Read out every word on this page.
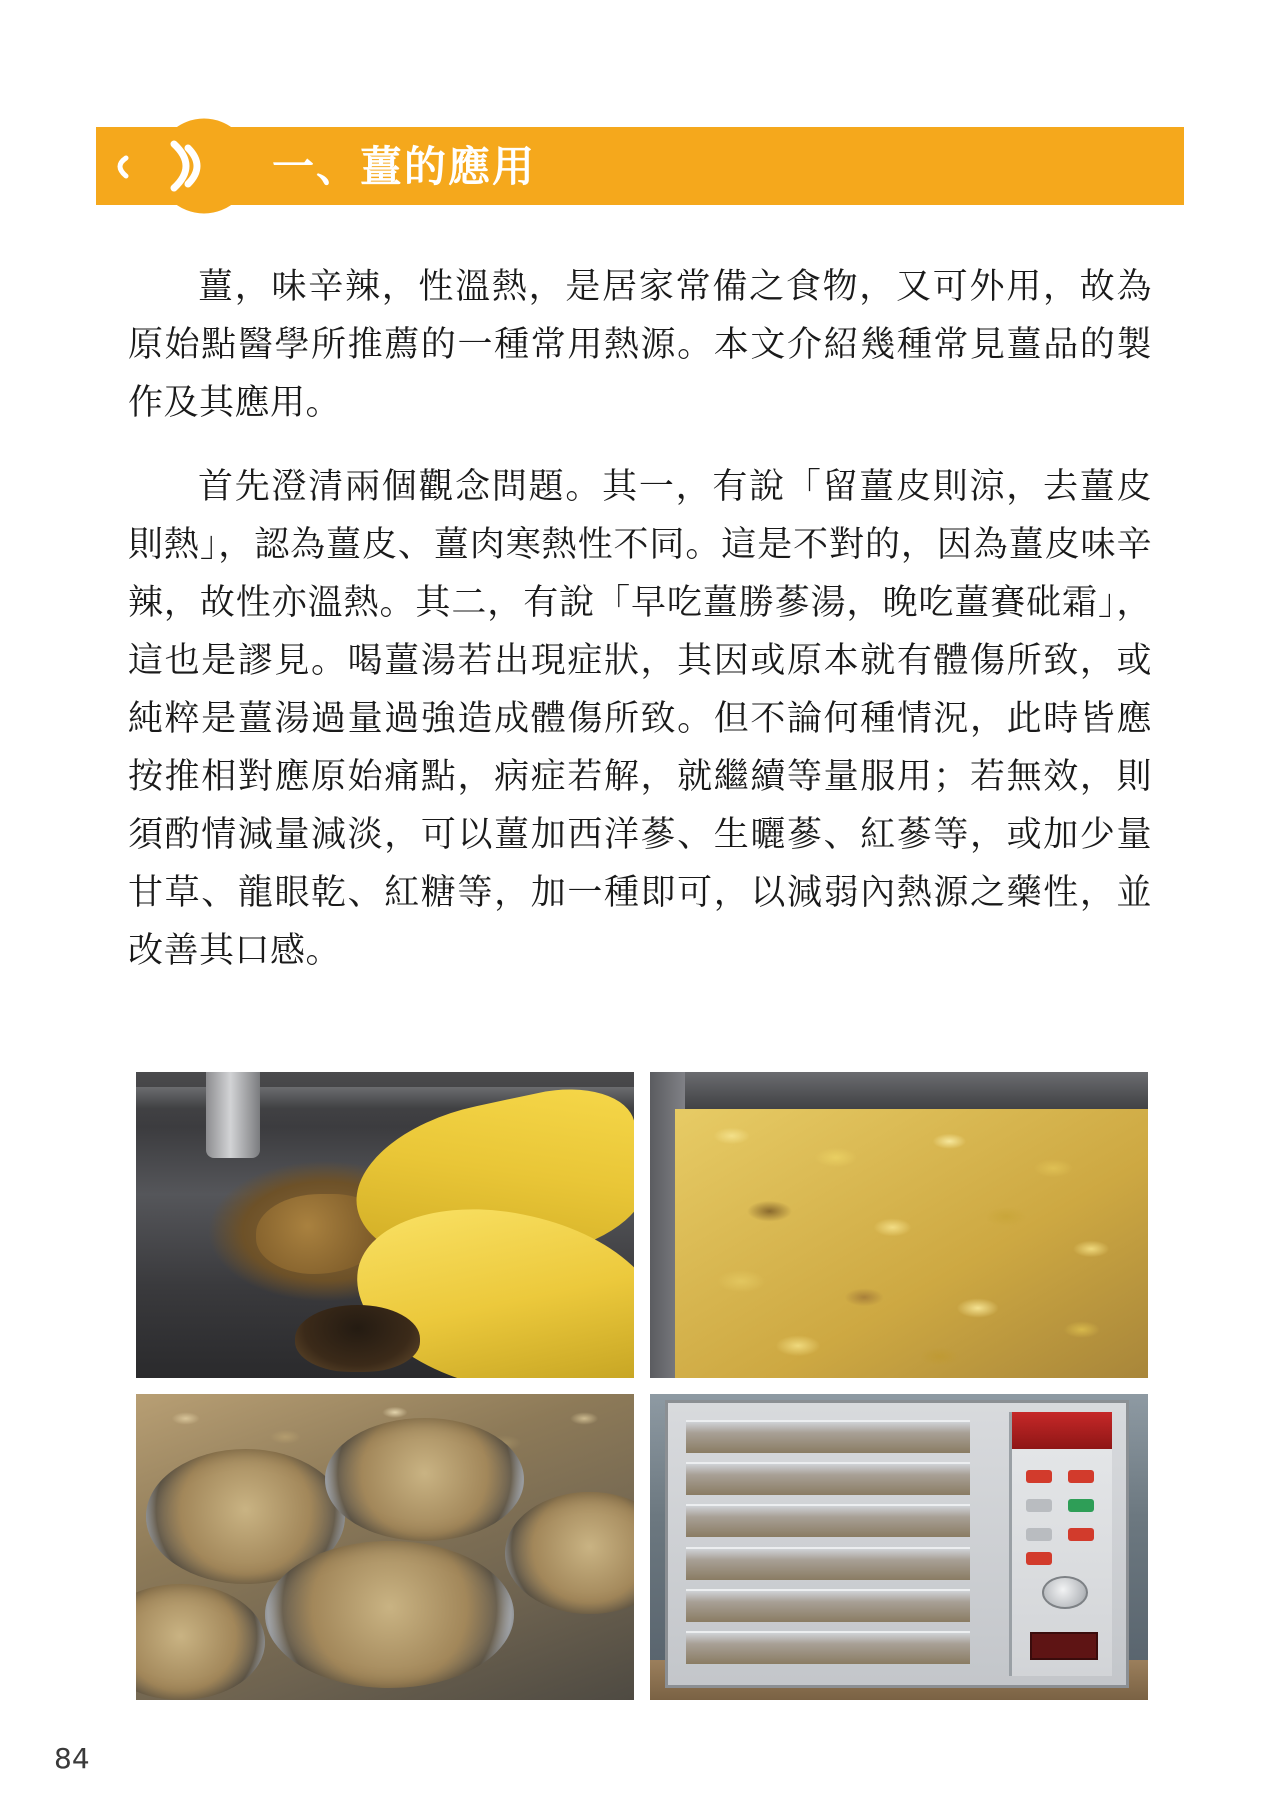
一、薑的應用

薑，味辛辣，性溫熱，是居家常備之食物，又可外用，故為原始點醫學所推薦的一種常用熱源。本文介紹幾種常見薑品的製作及其應用。

首先澄清兩個觀念問題。其一，有說「留薑皮則涼，去薑皮則熱」，認為薑皮、薑肉寒熱性不同。這是不對的，因為薑皮味辛辣，故性亦溫熱。其二，有說「早吃薑勝蔘湯，晚吃薑賽砒霜」，這也是謬見。喝薑湯若出現症狀，其因或原本就有體傷所致，或純粹是薑湯過量過強造成體傷所致。但不論何種情況，此時皆應按推相對應原始痛點，病症若解，就繼續等量服用；若無效，則須酌情減量減淡，可以薑加西洋蔘、生曬蔘、紅蔘等，或加少量甘草、龍眼乾、紅糖等，加一種即可，以減弱內熱源之藥性，並改善其口感。

84
